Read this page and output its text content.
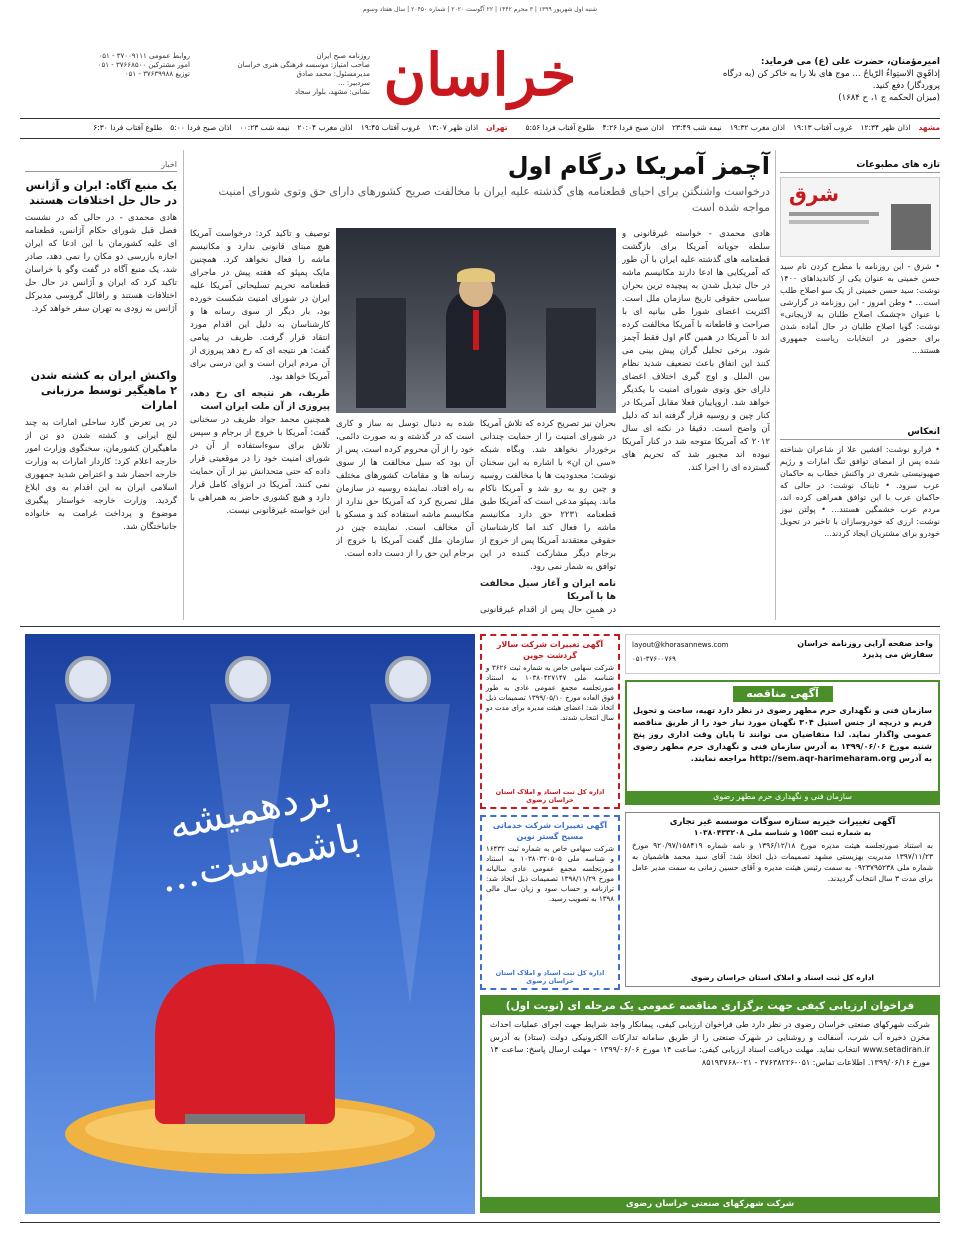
شنبه اول شهریور ۱۳۹۹ | ۳ محرم ۱۴۴۲ | ۲۲ آگوست ۲۰۲۰ | شماره ۲۰۴۵۰ | سال هفتاد وسوم
امیرمؤمنان، حضرت علی (ع) می فرماید:
إذاقَوِيَ الاستِواءُ الرّياحُ ... موج های بلا را به خاکر کن (به درگاه پروردگار) دفع کنید.
(میزان الحکمه ج ۱، ح ۱۶۸۴)
خراسان
روزنامه صبح ایران
صاحب امتیاز: موسسه فرهنگی هنری خراسان
مدیرمسئول: محمد صادق
سردبیر: ...
نشانی: مشهد، بلوار سجاد
روابط عمومی ۳۷۰۰۹۱۱۱ - ۰۵۱
امور مشترکین ۳۷۶۶۸۵۰۰ - ۰۵۱
توزیع ۳۷۶۳۹۹۸۸ - ۰۵۱
مشهد
اذان ظهر ۱۲:۳۴
غروب آفتاب ۱۹:۱۳
اذان مغرب ۱۹:۳۲
نیمه شب ۲۳:۴۹
اذان صبح فردا ۴:۲۶
طلوع آفتاب فردا ۵:۵۶
تهران
اذان ظهر ۱۳:۰۷
غروب آفتاب ۱۹:۴۵
اذان مغرب ۲۰:۰۴
نیمه شب ۰۰:۲۳
اذان صبح فردا ۵:۰۰
طلوع آفتاب فردا ۶:۳۰
تازه های مطبوعات
شرق
• شرق - این روزنامه با مطرح کردن نام سید حسن خمینی به عنوان یکی از کاندیداهای ۱۴۰۰ نوشت: سید حسن خمینی از یک سو اصلاح طلب است... • وطن امروز - این روزنامه در گزارشی با عنوان «چشمک اصلاح طلبان به لاریجانی» نوشت: گویا اصلاح طلبان در حال آماده شدن برای حضور در انتخابات ریاست جمهوری هستند...
انعکاس
• فرارو نوشت: افشین علا از شاعران شناخته شده پس از امضای توافق تنگ امارات و رژیم صهیونیستی شعری در واکنش خطاب به حاکمان عرب سرود. • تابناک نوشت: در حالی که حاکمان عرب با این توافق همراهی کرده اند، مردم عرب خشمگین هستند... • پولتن نیوز نوشت: ارزی که خودروسازان با تاخیر در تحویل خودرو برای مشتریان ایجاد کردند...
آچمز آمریکا درگام اول
درخواست واشنگتن برای احیای قطعنامه های گذشته علیه ایران با مخالفت صریح کشورهای دارای حق وتوی شورای امنیت مواجه شده است
هادی محمدی - خواسته غیرقانونی و سلطه جویانه آمریکا برای بازگشت قطعنامه های گذشته علیه ایران با آن طور که آمریکایی ها ادعا دارند مکانیسم ماشه در حال تبدیل شدن به پیچیده ترین بحران سیاسی حقوقی تاریخ سازمان ملل است. اکثریت اعضای شورا طی بیانیه ای با صراحت و قاطعانه با آمریکا مخالفت کرده اند تا آمریکا در همین گام اول فقط آچمز شود. برخی تحلیل گران پیش بینی می کنند این اتفاق باعث تضعیف شدید نظام بین الملل و اوج گیری اختلاف اعضای دارای حق وتوی شورای امنیت با یکدیگر خواهد شد. اروپاییان فعلا مقابل آمریکا در کنار چین و روسیه قرار گرفته اند که دلیل آن واضح است. دقیقا در نکته ای سال ۲۰۱۲ که آمریکا متوجه شد در کنار آمریکا نبوده اند مجبور شد که تحریم های گسترده ای را اجرا کند.
بحران نیز تصریح کرده که تلاش آمریکا در شورای امنیت را از حمایت چندانی برخوردار نخواهد شد. وبگاه شبکه «سی ان ان» با اشاره به این سخنان نوشت: محدودیت ها با مخالفت روسیه و چین رو به رو شد و آمریکا ناکام ماند. پمپئو مدعی است که آمریکا طبق قطعنامه ۲۲۳۱ حق دارد مکانیسم ماشه را فعال کند اما کارشناسان حقوقی معتقدند آمریکا پس از خروج از برجام دیگر مشارکت کننده در این توافق به شمار نمی رود.
نامه ایران و آغاز سیل مخالفت ها با آمریکا
در همین حال پس از اقدام غیرقانونی
شده به دنبال توسل به ساز و کاری است که در گذشته و به صورت دائمی، خود را از آن محروم کرده است. پس از آن بود که سیل مخالفت ها از سوی رسانه ها و مقامات کشورهای مختلف به راه افتاد. نماینده روسیه در سازمان ملل تصریح کرد که آمریکا حق ندارد از مکانیسم ماشه استفاده کند و مسکو با آن مخالف است. نماینده چین در سازمان ملل گفت آمریکا با خروج از برجام این حق را از دست داده است.
توصیف و تاکید کرد: درخواست آمریکا هیچ مبنای قانونی ندارد و مکانیسم ماشه را فعال نخواهد کرد. همچنین مایک پمپئو که هفته پیش در ماجرای قطعنامه تحریم تسلیحاتی آمریکا علیه ایران در شورای امنیت شکست خورده بود، بار دیگر از سوی رسانه ها و کارشناسان به دلیل این اقدام مورد انتقاد قرار گرفت. ظریف در پیامی گفت: هر نتیجه ای که رخ دهد پیروزی از آن مردم ایران است و این درسی برای آمریکا خواهد بود.
ظریف، هر نتیجه ای رخ دهد، پیروزی از آن ملت ایران است
همچنین محمد جواد ظریف در سخنانی گفت: آمریکا با خروج از برجام و سپس تلاش برای سوءاستفاده از آن در شورای امنیت خود را در موقعیتی قرار داده که حتی متحدانش نیز از آن حمایت نمی کنند. آمریکا در انزوای کامل قرار دارد و هیچ کشوری حاضر به همراهی با این خواسته غیرقانونی نیست.
اخبار
یک منبع آگاه: ایران و آژانس در حال حل اختلافات هستند
هادی محمدی - در حالی که در نشست فصل قبل شورای حکام آژانس، قطعنامه ای علیه کشورمان با این ادعا که ایران اجازه بازرسی دو مکان را نمی دهد، صادر شد، یک منبع آگاه در گفت وگو با خراسان تاکید کرد که ایران و آژانس در حال حل اختلافات هستند و رافائل گروسی مدیرکل آژانس به زودی به تهران سفر خواهد کرد.
واکنش ایران به کشته شدن ۲ ماهیگیر توسط مرزبانی امارات
در پی تعرض گارد ساحلی امارات به چند لنج ایرانی و کشته شدن دو تن از ماهیگیران کشورمان، سخنگوی وزارت امور خارجه اعلام کرد: کاردار امارات به وزارت خارجه احضار شد و اعتراض شدید جمهوری اسلامی ایران به این اقدام به وی ابلاغ گردید. وزارت خارجه خواستار پیگیری موضوع و پرداخت غرامت به خانواده جانباختگان شد.
بردهمیشه باشماست...
واحد صفحه آرایی روزنامه خراسان سفارش می پذیرد
layout@khorasannews.com
۰۵۱-۳۷۶۰۰۷۶۹
آگهی مناقصه
سازمان فنی و نگهداری حرم مطهر رضوی در نظر دارد تهیه، ساخت و تحویل فریم و دریچه از جنس استیل ۳۰۴ نگهبان مورد نیاز خود را از طریق مناقصه عمومی واگذار نماید. لذا متقاضیان می توانند تا پایان وقت اداری روز پنج شنبه مورخ ۱۳۹۹/۰۶/۰۶ به آدرس سازمان فنی و نگهداری حرم مطهر رضوی به آدرس http://sem.aqr-harimeharam.org مراجعه نمایند.
سازمان فنی و نگهداری حرم مطهر رضوی
آگهی تغییرات خیریه ستاره سوگات موسسه غیر تجاری
به شماره ثبت ۱۵۵۳ و شناسه ملی ۱۰۳۸۰۴۳۳۲۰۸
به استناد صورتجلسه هیئت مدیره مورخ ۱۳۹۶/۱۲/۱۸ و نامه شماره ۹۲۰/۹۷/۱۵۸۴۱۹ مورخ ۱۳۹۷/۱۱/۲۳ مدیریت بهزیستی مشهد تصمیمات ذیل اتخاذ شد: آقای سید محمد هاشمیان به شماره ملی ۰۹۲۳۷۹۵۲۳۸ به سمت رئیس هیئت مدیره و آقای حسین زمانی به سمت مدیر عامل برای مدت ۳ سال انتخاب گردیدند.
اداره کل ثبت اسناد و املاک استان خراسان رضوی
آگهی تغییرات شرکت سالار گردشت جوین
شرکت سهامی خاص به شماره ثبت ۳۶۲۶ و شناسه ملی ۱۰۳۸۰۴۲۷۱۴۷ به استناد صورتجلسه مجمع عمومی عادی به طور فوق العاده مورخ ۱۳۹۹/۰۵/۱۰ تصمیمات ذیل اتخاذ شد: اعضای هیئت مدیره برای مدت دو سال انتخاب شدند.
اداره کل ثبت اسناد و املاک استان خراسان رضوی
آگهی تغییرات شرکت خدماتی مسیح گستر نوین
شرکت سهامی خاص به شماره ثبت ۱۶۴۳۲ و شناسه ملی ۱۰۳۸۰۳۲۰۵۰۵ به استناد صورتجلسه مجمع عمومی عادی سالیانه مورخ ۱۳۹۸/۱۱/۲۹ تصمیمات ذیل اتخاذ شد: ترازنامه و حساب سود و زیان سال مالی ۱۳۹۸ به تصویب رسید.
اداره کل ثبت اسناد و املاک استان خراسان رضوی
فراخوان ارزیابی کیفی جهت برگزاری مناقصه عمومی یک مرحله ای (نوبت اول)
شرکت شهرکهای صنعتی خراسان رضوی در نظر دارد طی فراخوان ارزیابی کیفی، پیمانکار واجد شرایط جهت اجرای عملیات احداث مخزن ذخیره آب شرب، آسفالت و روشنایی در شهرک صنعتی را از طریق سامانه تدارکات الکترونیکی دولت (ستاد) به آدرس www.setadiran.ir انتخاب نماید. مهلت دریافت اسناد ارزیابی کیفی: ساعت ۱۴ مورخ ۱۳۹۹/۰۶/۰۶ - مهلت ارسال پاسخ: ساعت ۱۴ مورخ ۱۳۹۹/۰۶/۱۶. اطلاعات تماس: ۰۵۱-۳۷۶۳۸۲۲۶ - ۰۲۱-۸۵۱۹۳۷۶۸
شرکت شهرکهای صنعتی خراسان رضوی
